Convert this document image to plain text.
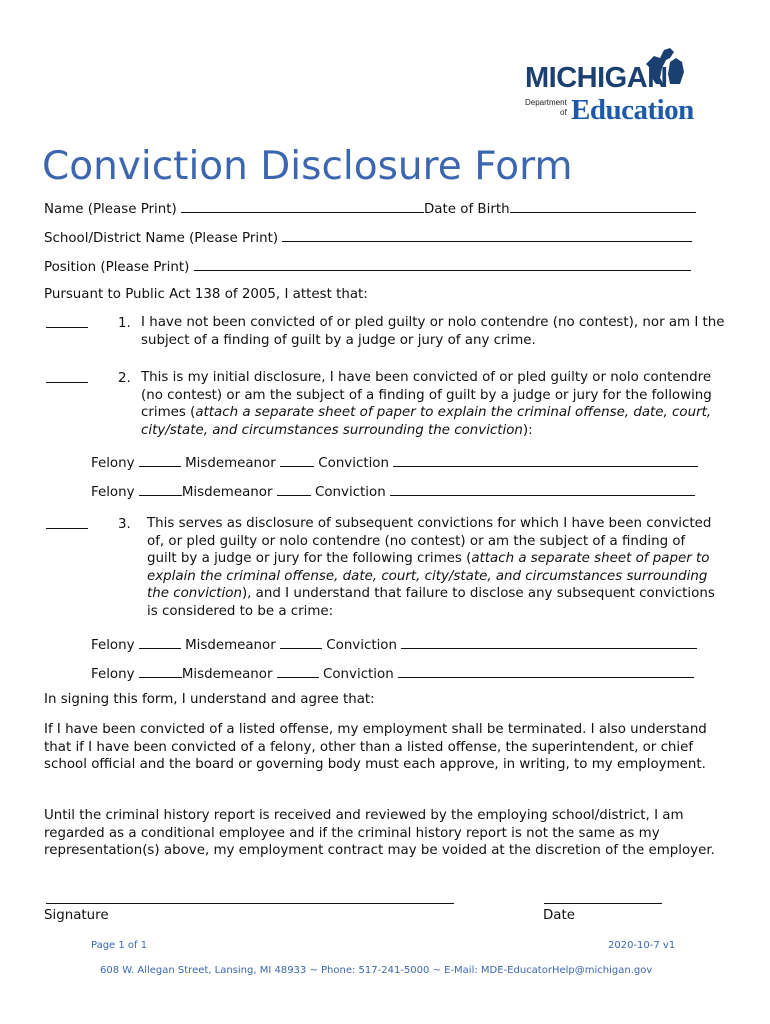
MICHIGAN
Department
of Education
Conviction Disclosure Form
Name (Please Print)	Date of Birth
School/District Name (Please Print)
Position (Please Print)
Pursuant to Public Act 138 of 2005, I attest that:
1. I have not been convicted of or pled guilty or nolo contendre (no contest), nor am I the subject of a finding of guilt by a judge or jury of any crime.
2. This is my initial disclosure, I have been convicted of or pled guilty or nolo contendre (no contest) or am the subject of a finding of guilt by a judge or jury for the following crimes (attach a separate sheet of paper to explain the criminal offense, date, court, city/state, and circumstances surrounding the conviction):
Felony	Misdemeanor	Conviction
Felony	Misdemeanor	Conviction
3. This serves as disclosure of subsequent convictions for which I have been convicted of, or pled guilty or nolo contendre (no contest) or am the subject of a finding of guilt by a judge or jury for the following crimes (attach a separate sheet of paper to explain the criminal offense, date, court, city/state, and circumstances surrounding the conviction), and I understand that failure to disclose any subsequent convictions is considered to be a crime:
Felony	Misdemeanor	Conviction
Felony	Misdemeanor	Conviction
In signing this form, I understand and agree that:
If I have been convicted of a listed offense, my employment shall be terminated. I also understand that if I have been convicted of a felony, other than a listed offense, the superintendent, or chief school official and the board or governing body must each approve, in writing, to my employment.
Until the criminal history report is received and reviewed by the employing school/district, I am regarded as a conditional employee and if the criminal history report is not the same as my representation(s) above, my employment contract may be voided at the discretion of the employer.
Signature	Date
Page 1 of 1	2020-10-7 v1
608 W. Allegan Street, Lansing, MI 48933 ~ Phone: 517-241-5000 ~ E-Mail: MDE-EducatorHelp@michigan.gov
